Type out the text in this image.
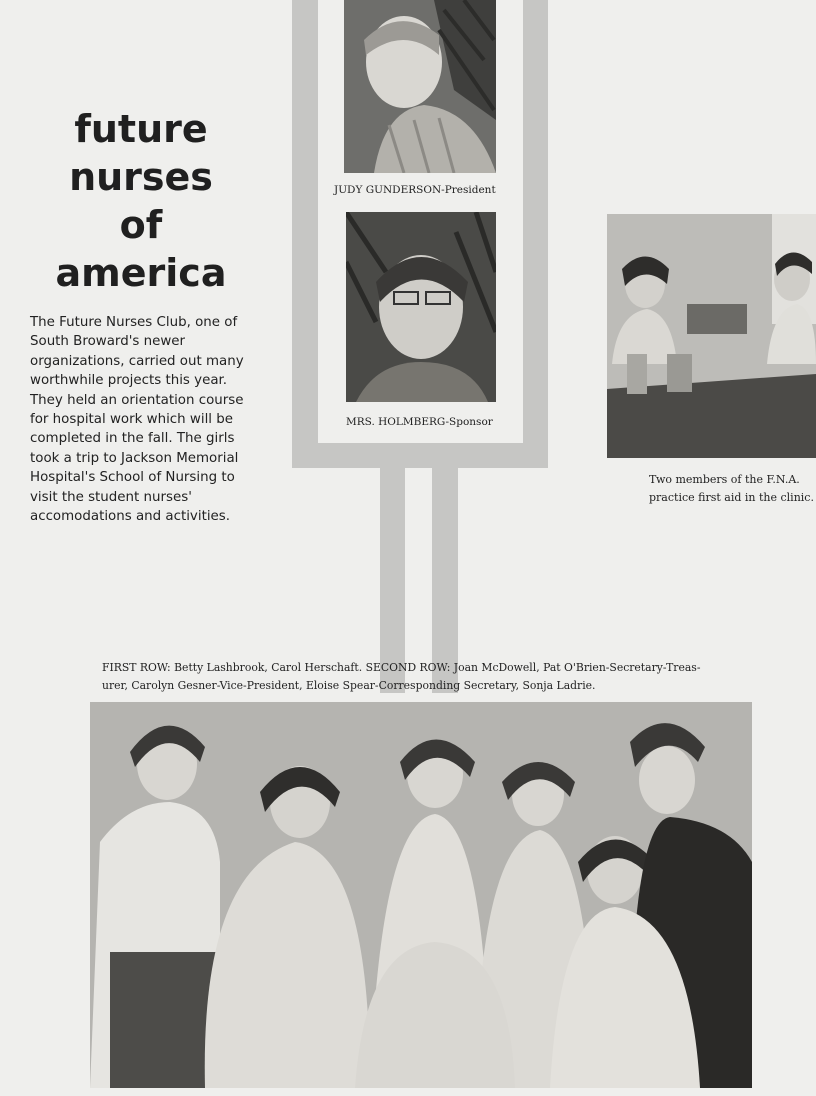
future
nurses
of
america
The Future Nurses Club, one of South Broward's newer organizations, carried out many worthwhile projects this year. They held an orientation course for hospital work which will be completed in the fall. The girls took a trip to Jackson Memorial Hospital's School of Nursing to visit the student nurses' accomodations and activities.
JUDY GUNDERSON-President
MRS. HOLMBERG-Sponsor
Two members of the F.N.A. practice first aid in the clinic.
FIRST ROW: Betty Lashbrook, Carol Herschaft. SECOND ROW: Joan McDowell, Pat O'Brien-Secretary-Treas-
urer, Carolyn Gesner-Vice-President, Eloise Spear-Corresponding Secretary, Sonja Ladrie.
